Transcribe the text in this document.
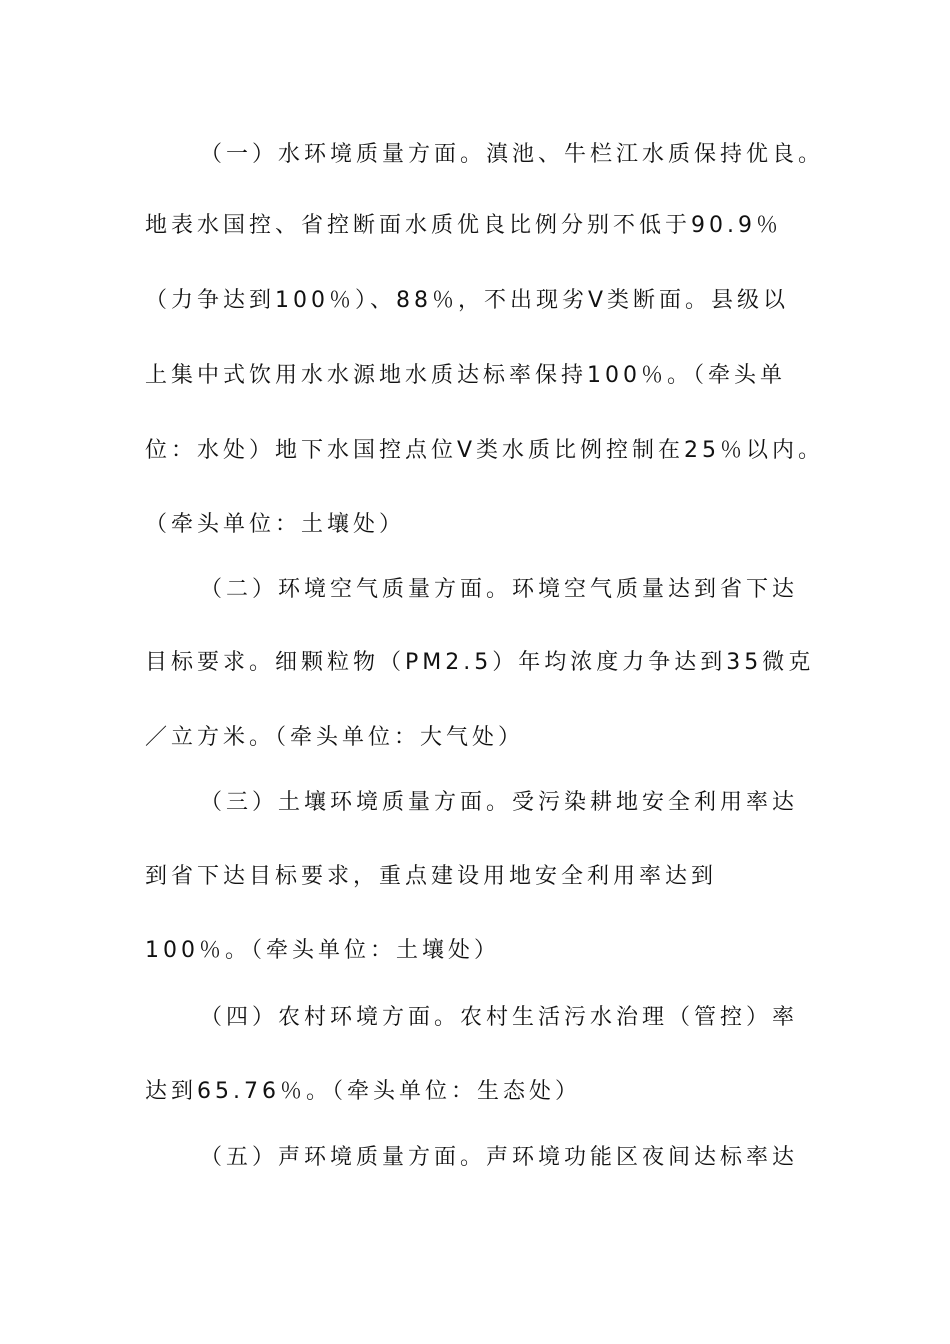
（一）水环境质量方面。滇池、牛栏江水质保持优良。
地表水国控、省控断面水质优良比例分别不低于90.9％
（力争达到100％）、88％，不出现劣Ⅴ类断面。县级以
上集中式饮用水水源地水质达标率保持100％。（牵头单
位：水处）地下水国控点位Ⅴ类水质比例控制在25％以内。
（牵头单位：土壤处）
（二）环境空气质量方面。环境空气质量达到省下达
目标要求。细颗粒物（PM2.5）年均浓度力争达到35微克
／立方米。（牵头单位：大气处）
（三）土壤环境质量方面。受污染耕地安全利用率达
到省下达目标要求，重点建设用地安全利用率达到
100％。（牵头单位：土壤处）
（四）农村环境方面。农村生活污水治理（管控）率
达到65.76％。（牵头单位：生态处）
（五）声环境质量方面。声环境功能区夜间达标率达
